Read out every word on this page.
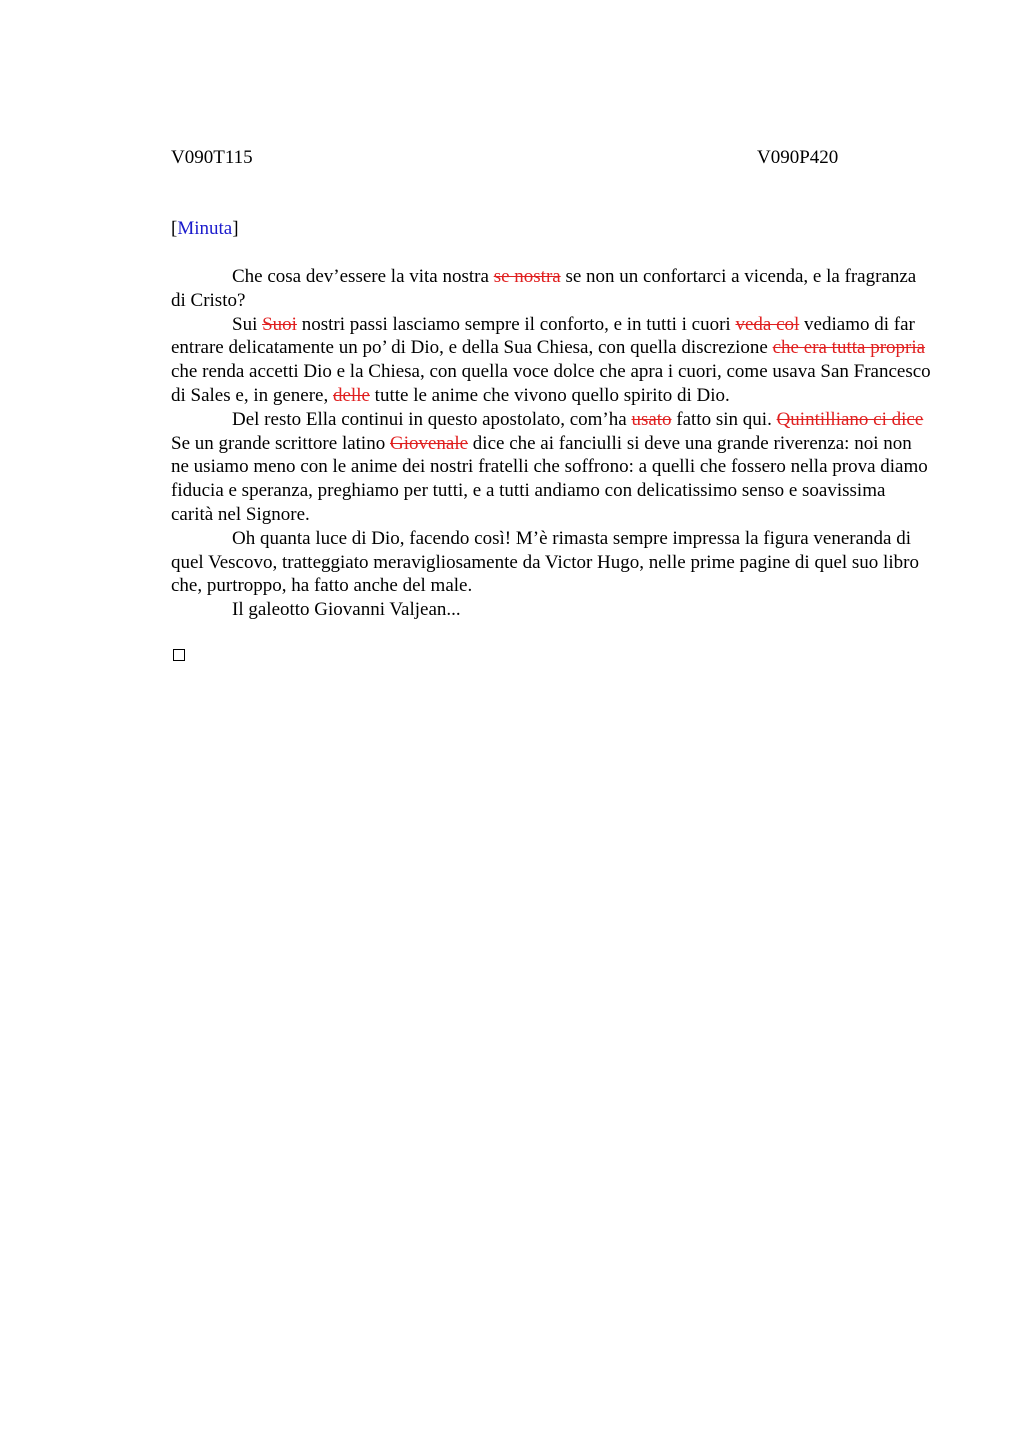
V090T115	V090P420
[Minuta]

Che cosa dev’essere la vita nostra se nostra se non un confortarci a vicenda, e la fragranza di Cristo?

Sui Suoi nostri passi lasciamo sempre il conforto, e in tutti i cuori veda col vediamo di far entrare delicatamente un po’ di Dio, e della Sua Chiesa, con quella discrezione che era tutta propria che renda accetti Dio e la Chiesa, con quella voce dolce che apra i cuori, come usava San Francesco di Sales e, in genere, delle tutte le anime che vivono quello spirito di Dio.

Del resto Ella continui in questo apostolato, com’ha usato fatto sin qui. Quintilliano ci dice Se un grande scrittore latino Giovenale dice che ai fanciulli si deve una grande riverenza: noi non ne usiamo meno con le anime dei nostri fratelli che soffrono: a quelli che fossero nella prova diamo fiducia e speranza, preghiamo per tutti, e a tutti andiamo con delicatissimo senso e soavissima carità nel Signore.

Oh quanta luce di Dio, facendo così! M’è rimasta sempre impressa la figura veneranda di quel Vescovo, tratteggiato meravigliosamente da Victor Hugo, nelle prime pagine di quel suo libro che, purtroppo, ha fatto anche del male.

Il galeotto Giovanni Valjean...
